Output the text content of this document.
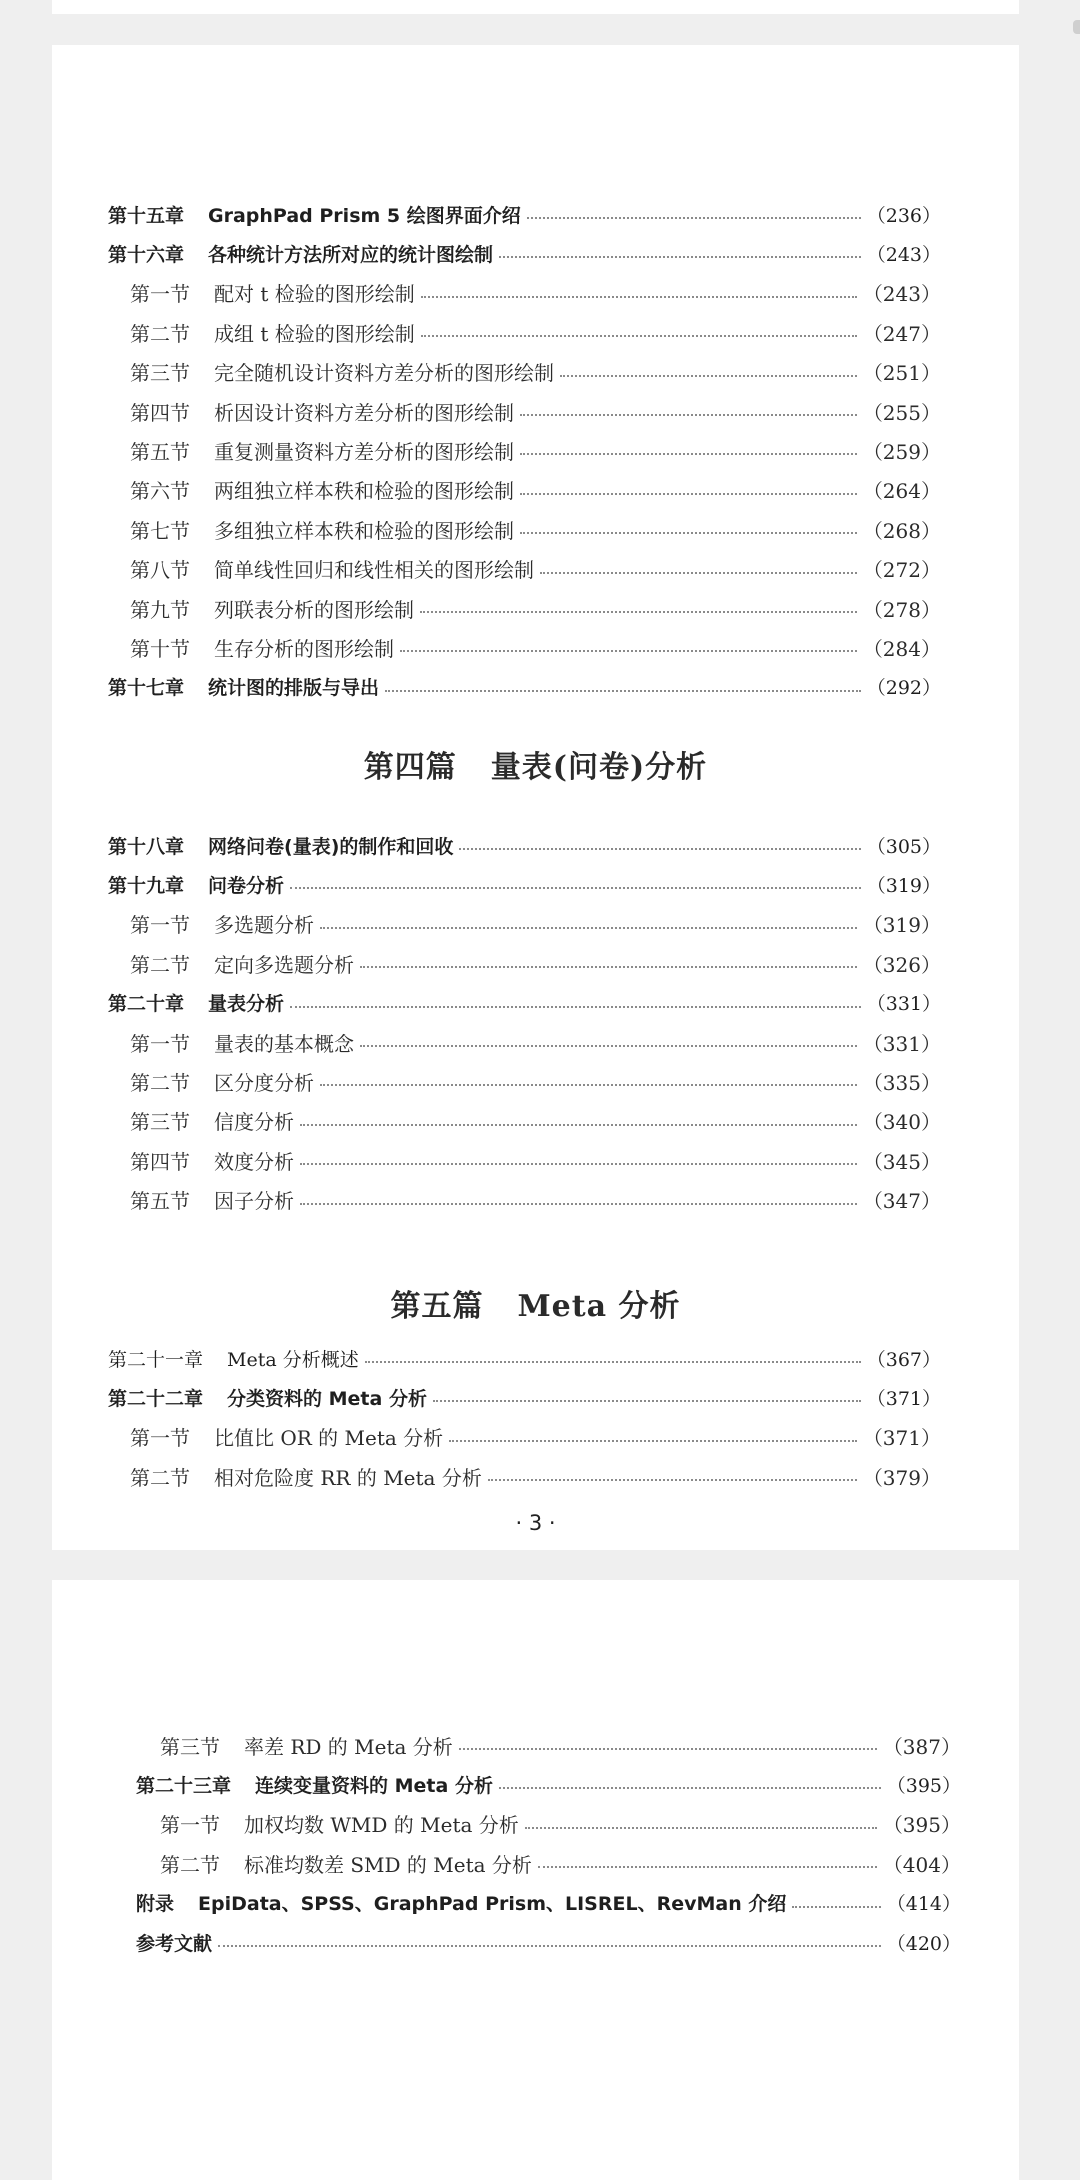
第十五章 GraphPad Prism 5 绘图界面介绍	（236）
第十六章 各种统计方法所对应的统计图绘制	（243）
第一节 配对 t 检验的图形绘制	（243）
第二节 成组 t 检验的图形绘制	（247）
第三节 完全随机设计资料方差分析的图形绘制	（251）
第四节 析因设计资料方差分析的图形绘制	（255）
第五节 重复测量资料方差分析的图形绘制	（259）
第六节 两组独立样本秩和检验的图形绘制	（264）
第七节 多组独立样本秩和检验的图形绘制	（268）
第八节 简单线性回归和线性相关的图形绘制	（272）
第九节 列联表分析的图形绘制	（278）
第十节 生存分析的图形绘制	（284）
第十七章 统计图的排版与导出	（292）
第四篇 量表(问卷)分析
第十八章 网络问卷(量表)的制作和回收	（305）
第十九章 问卷分析	（319）
第一节 多选题分析	（319）
第二节 定向多选题分析	（326）
第二十章 量表分析	（331）
第一节 量表的基本概念	（331）
第二节 区分度分析	（335）
第三节 信度分析	（340）
第四节 效度分析	（345）
第五节 因子分析	（347）
第五篇 Meta 分析
第二十一章 Meta 分析概述	（367）
第二十二章 分类资料的 Meta 分析	（371）
第一节 比值比 OR 的 Meta 分析	（371）
第二节 相对危险度 RR 的 Meta 分析	（379）
· 3 ·
第三节 率差 RD 的 Meta 分析	（387）
第二十三章 连续变量资料的 Meta 分析	（395）
第一节 加权均数 WMD 的 Meta 分析	（395）
第二节 标准均数差 SMD 的 Meta 分析	（404）
附录 EpiData、SPSS、GraphPad Prism、LISREL、RevMan 介绍	（414）
参考文献	（420）
